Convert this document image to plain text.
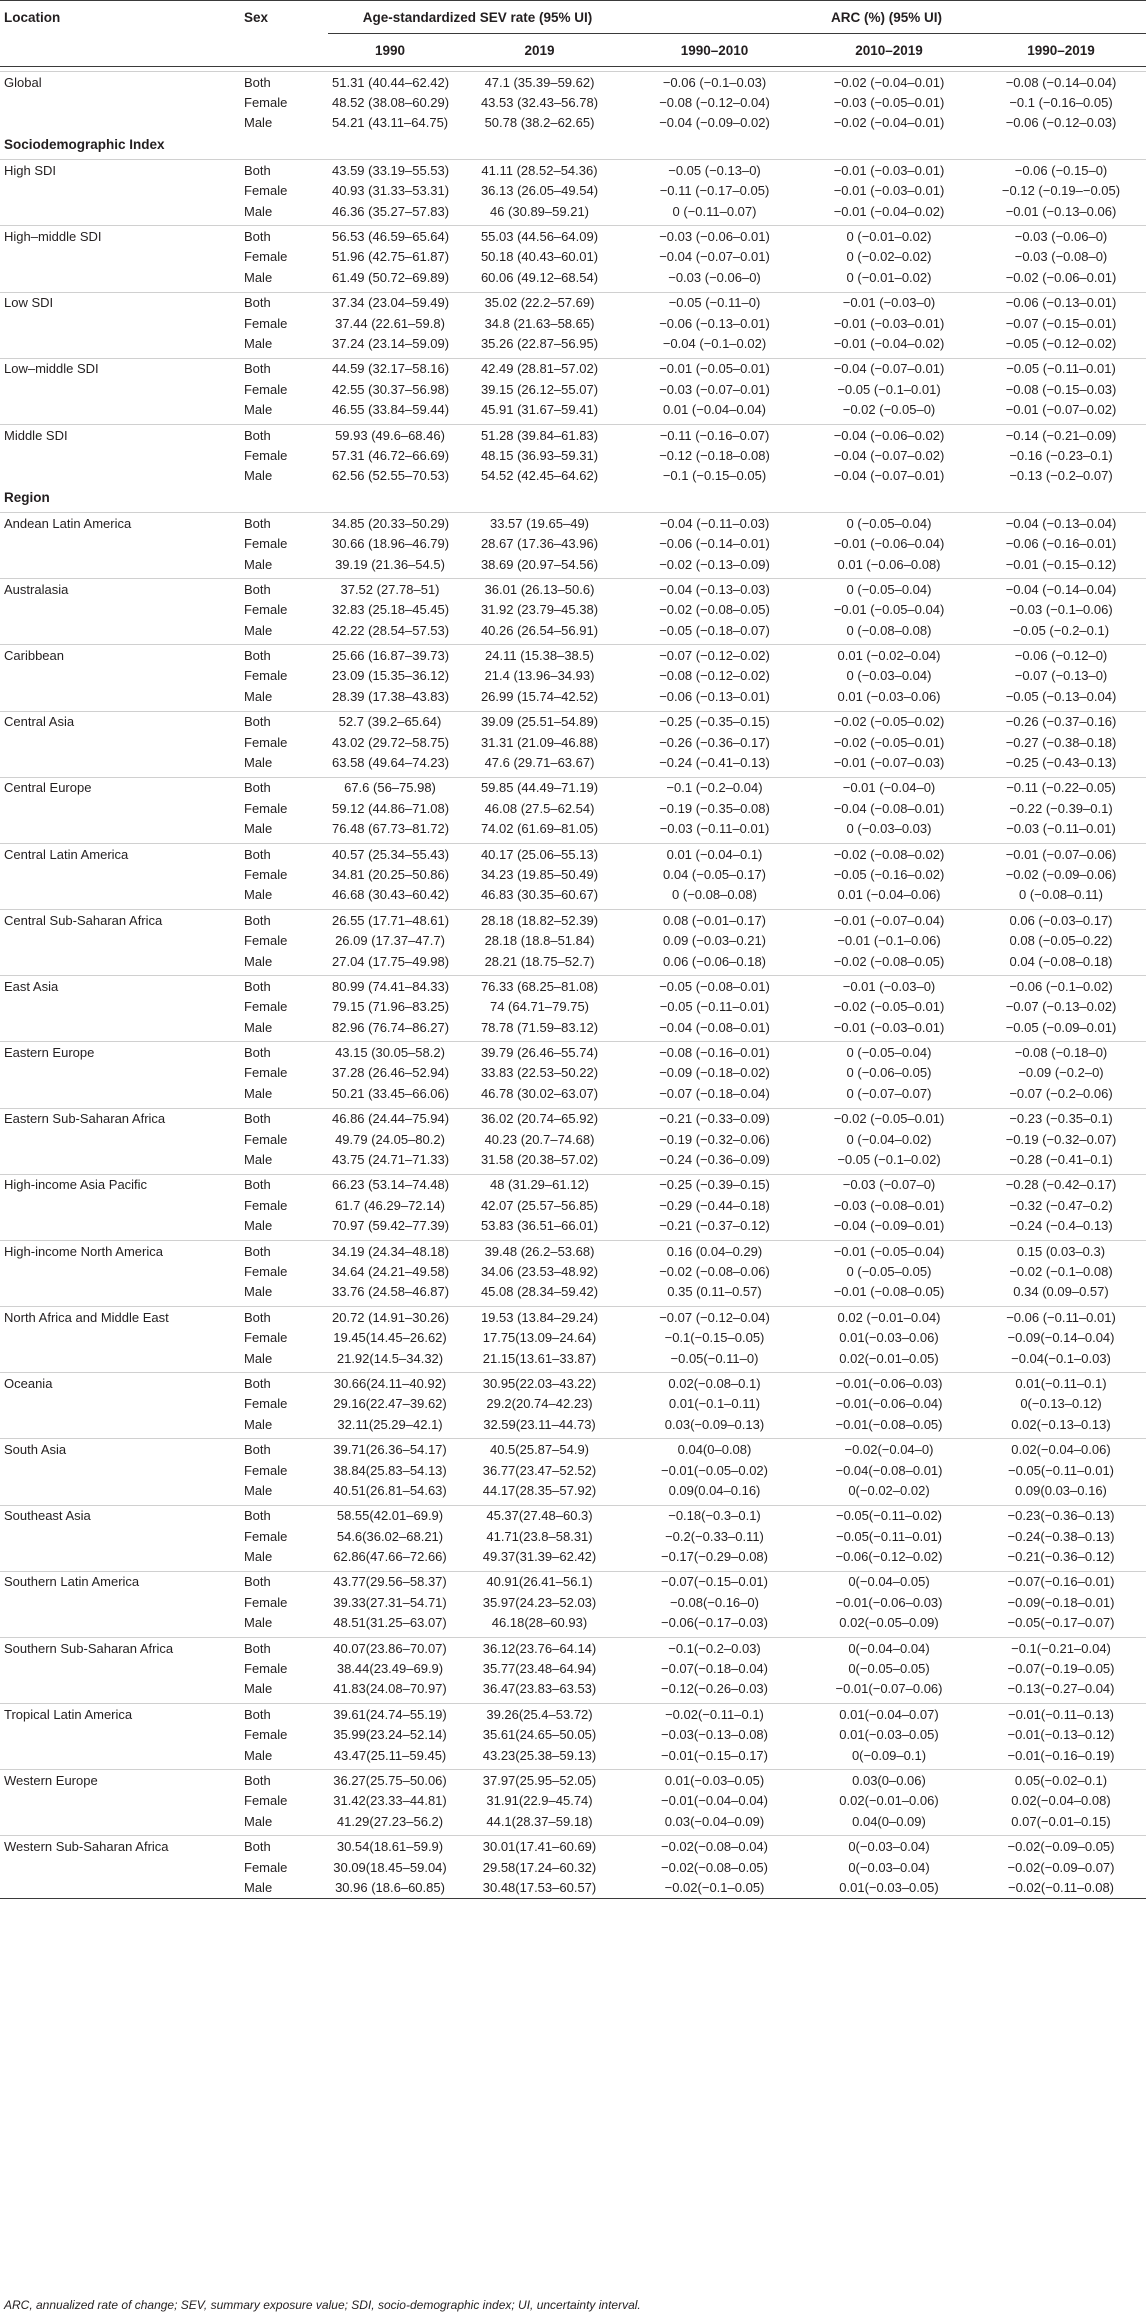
Location	Sex	Age-standardized SEV rate (95% UI)		ARC (%) (95% UI)		
		1990	2019	1990–2010	2010–2019	1990–2019

Global	Both	51.31 (40.44–62.42)	47.1 (35.39–59.62)	−0.06 (−0.1–0.03)	−0.02 (−0.04–0.01)	−0.08 (−0.14–0.04)
	Female	48.52 (38.08–60.29)	43.53 (32.43–56.78)	−0.08 (−0.12–0.04)	−0.03 (−0.05–0.01)	−0.1 (−0.16–0.05)
	Male	54.21 (43.11–64.75)	50.78 (38.2–62.65)	−0.04 (−0.09–0.02)	−0.02 (−0.04–0.01)	−0.06 (−0.12–0.03)
Sociodemographic Index						

High SDI	Both	43.59 (33.19–55.53)	41.11 (28.52–54.36)	−0.05 (−0.13–0)	−0.01 (−0.03–0.01)	−0.06 (−0.15–0)
	Female	40.93 (31.33–53.31)	36.13 (26.05–49.54)	−0.11 (−0.17–0.05)	−0.01 (−0.03–0.01)	−0.12 (−0.19–−0.05)
	Male	46.36 (35.27–57.83)	46 (30.89–59.21)	0 (−0.11–0.07)	−0.01 (−0.04–0.02)	−0.01 (−0.13–0.06)

High–middle SDI	Both	56.53 (46.59–65.64)	55.03 (44.56–64.09)	−0.03 (−0.06–0.01)	0 (−0.01–0.02)	−0.03 (−0.06–0)
	Female	51.96 (42.75–61.87)	50.18 (40.43–60.01)	−0.04 (−0.07–0.01)	0 (−0.02–0.02)	−0.03 (−0.08–0)
	Male	61.49 (50.72–69.89)	60.06 (49.12–68.54)	−0.03 (−0.06–0)	0 (−0.01–0.02)	−0.02 (−0.06–0.01)

Low SDI	Both	37.34 (23.04–59.49)	35.02 (22.2–57.69)	−0.05 (−0.11–0)	−0.01 (−0.03–0)	−0.06 (−0.13–0.01)
	Female	37.44 (22.61–59.8)	34.8 (21.63–58.65)	−0.06 (−0.13–0.01)	−0.01 (−0.03–0.01)	−0.07 (−0.15–0.01)
	Male	37.24 (23.14–59.09)	35.26 (22.87–56.95)	−0.04 (−0.1–0.02)	−0.01 (−0.04–0.02)	−0.05 (−0.12–0.02)

Low–middle SDI	Both	44.59 (32.17–58.16)	42.49 (28.81–57.02)	−0.01 (−0.05–0.01)	−0.04 (−0.07–0.01)	−0.05 (−0.11–0.01)
	Female	42.55 (30.37–56.98)	39.15 (26.12–55.07)	−0.03 (−0.07–0.01)	−0.05 (−0.1–0.01)	−0.08 (−0.15–0.03)
	Male	46.55 (33.84–59.44)	45.91 (31.67–59.41)	0.01 (−0.04–0.04)	−0.02 (−0.05–0)	−0.01 (−0.07–0.02)

Middle SDI	Both	59.93 (49.6–68.46)	51.28 (39.84–61.83)	−0.11 (−0.16–0.07)	−0.04 (−0.06–0.02)	−0.14 (−0.21–0.09)
	Female	57.31 (46.72–66.69)	48.15 (36.93–59.31)	−0.12 (−0.18–0.08)	−0.04 (−0.07–0.02)	−0.16 (−0.23–0.1)
	Male	62.56 (52.55–70.53)	54.52 (42.45–64.62)	−0.1 (−0.15–0.05)	−0.04 (−0.07–0.01)	−0.13 (−0.2–0.07)
Region						

Andean Latin America	Both	34.85 (20.33–50.29)	33.57 (19.65–49)	−0.04 (−0.11–0.03)	0 (−0.05–0.04)	−0.04 (−0.13–0.04)
	Female	30.66 (18.96–46.79)	28.67 (17.36–43.96)	−0.06 (−0.14–0.01)	−0.01 (−0.06–0.04)	−0.06 (−0.16–0.01)
	Male	39.19 (21.36–54.5)	38.69 (20.97–54.56)	−0.02 (−0.13–0.09)	0.01 (−0.06–0.08)	−0.01 (−0.15–0.12)

Australasia	Both	37.52 (27.78–51)	36.01 (26.13–50.6)	−0.04 (−0.13–0.03)	0 (−0.05–0.04)	−0.04 (−0.14–0.04)
	Female	32.83 (25.18–45.45)	31.92 (23.79–45.38)	−0.02 (−0.08–0.05)	−0.01 (−0.05–0.04)	−0.03 (−0.1–0.06)
	Male	42.22 (28.54–57.53)	40.26 (26.54–56.91)	−0.05 (−0.18–0.07)	0 (−0.08–0.08)	−0.05 (−0.2–0.1)

Caribbean	Both	25.66 (16.87–39.73)	24.11 (15.38–38.5)	−0.07 (−0.12–0.02)	0.01 (−0.02–0.04)	−0.06 (−0.12–0)
	Female	23.09 (15.35–36.12)	21.4 (13.96–34.93)	−0.08 (−0.12–0.02)	0 (−0.03–0.04)	−0.07 (−0.13–0)
	Male	28.39 (17.38–43.83)	26.99 (15.74–42.52)	−0.06 (−0.13–0.01)	0.01 (−0.03–0.06)	−0.05 (−0.13–0.04)

Central Asia	Both	52.7 (39.2–65.64)	39.09 (25.51–54.89)	−0.25 (−0.35–0.15)	−0.02 (−0.05–0.02)	−0.26 (−0.37–0.16)
	Female	43.02 (29.72–58.75)	31.31 (21.09–46.88)	−0.26 (−0.36–0.17)	−0.02 (−0.05–0.01)	−0.27 (−0.38–0.18)
	Male	63.58 (49.64–74.23)	47.6 (29.71–63.67)	−0.24 (−0.41–0.13)	−0.01 (−0.07–0.03)	−0.25 (−0.43–0.13)

Central Europe	Both	67.6 (56–75.98)	59.85 (44.49–71.19)	−0.1 (−0.2–0.04)	−0.01 (−0.04–0)	−0.11 (−0.22–0.05)
	Female	59.12 (44.86–71.08)	46.08 (27.5–62.54)	−0.19 (−0.35–0.08)	−0.04 (−0.08–0.01)	−0.22 (−0.39–0.1)
	Male	76.48 (67.73–81.72)	74.02 (61.69–81.05)	−0.03 (−0.11–0.01)	0 (−0.03–0.03)	−0.03 (−0.11–0.01)

Central Latin America	Both	40.57 (25.34–55.43)	40.17 (25.06–55.13)	0.01 (−0.04–0.1)	−0.02 (−0.08–0.02)	−0.01 (−0.07–0.06)
	Female	34.81 (20.25–50.86)	34.23 (19.85–50.49)	0.04 (−0.05–0.17)	−0.05 (−0.16–0.02)	−0.02 (−0.09–0.06)
	Male	46.68 (30.43–60.42)	46.83 (30.35–60.67)	0 (−0.08–0.08)	0.01 (−0.04–0.06)	0 (−0.08–0.11)

Central Sub-Saharan Africa	Both	26.55 (17.71–48.61)	28.18 (18.82–52.39)	0.08 (−0.01–0.17)	−0.01 (−0.07–0.04)	0.06 (−0.03–0.17)
	Female	26.09 (17.37–47.7)	28.18 (18.8–51.84)	0.09 (−0.03–0.21)	−0.01 (−0.1–0.06)	0.08 (−0.05–0.22)
	Male	27.04 (17.75–49.98)	28.21 (18.75–52.7)	0.06 (−0.06–0.18)	−0.02 (−0.08–0.05)	0.04 (−0.08–0.18)

East Asia	Both	80.99 (74.41–84.33)	76.33 (68.25–81.08)	−0.05 (−0.08–0.01)	−0.01 (−0.03–0)	−0.06 (−0.1–0.02)
	Female	79.15 (71.96–83.25)	74 (64.71–79.75)	−0.05 (−0.11–0.01)	−0.02 (−0.05–0.01)	−0.07 (−0.13–0.02)
	Male	82.96 (76.74–86.27)	78.78 (71.59–83.12)	−0.04 (−0.08–0.01)	−0.01 (−0.03–0.01)	−0.05 (−0.09–0.01)

Eastern Europe	Both	43.15 (30.05–58.2)	39.79 (26.46–55.74)	−0.08 (−0.16–0.01)	0 (−0.05–0.04)	−0.08 (−0.18–0)
	Female	37.28 (26.46–52.94)	33.83 (22.53–50.22)	−0.09 (−0.18–0.02)	0 (−0.06–0.05)	−0.09 (−0.2–0)
	Male	50.21 (33.45–66.06)	46.78 (30.02–63.07)	−0.07 (−0.18–0.04)	0 (−0.07–0.07)	−0.07 (−0.2–0.06)

Eastern Sub-Saharan Africa	Both	46.86 (24.44–75.94)	36.02 (20.74–65.92)	−0.21 (−0.33–0.09)	−0.02 (−0.05–0.01)	−0.23 (−0.35–0.1)
	Female	49.79 (24.05–80.2)	40.23 (20.7–74.68)	−0.19 (−0.32–0.06)	0 (−0.04–0.02)	−0.19 (−0.32–0.07)
	Male	43.75 (24.71–71.33)	31.58 (20.38–57.02)	−0.24 (−0.36–0.09)	−0.05 (−0.1–0.02)	−0.28 (−0.41–0.1)

High-income Asia Pacific	Both	66.23 (53.14–74.48)	48 (31.29–61.12)	−0.25 (−0.39–0.15)	−0.03 (−0.07–0)	−0.28 (−0.42–0.17)
	Female	61.7 (46.29–72.14)	42.07 (25.57–56.85)	−0.29 (−0.44–0.18)	−0.03 (−0.08–0.01)	−0.32 (−0.47–0.2)
	Male	70.97 (59.42–77.39)	53.83 (36.51–66.01)	−0.21 (−0.37–0.12)	−0.04 (−0.09–0.01)	−0.24 (−0.4–0.13)

High-income North America	Both	34.19 (24.34–48.18)	39.48 (26.2–53.68)	0.16 (0.04–0.29)	−0.01 (−0.05–0.04)	0.15 (0.03–0.3)
	Female	34.64 (24.21–49.58)	34.06 (23.53–48.92)	−0.02 (−0.08–0.06)	0 (−0.05–0.05)	−0.02 (−0.1–0.08)
	Male	33.76 (24.58–46.87)	45.08 (28.34–59.42)	0.35 (0.11–0.57)	−0.01 (−0.08–0.05)	0.34 (0.09–0.57)

North Africa and Middle East	Both	20.72 (14.91–30.26)	19.53 (13.84–29.24)	−0.07 (−0.12–0.04)	0.02 (−0.01–0.04)	−0.06 (−0.11–0.01)
	Female	19.45(14.45–26.62)	17.75(13.09–24.64)	−0.1(−0.15–0.05)	0.01(−0.03–0.06)	−0.09(−0.14–0.04)
	Male	21.92(14.5–34.32)	21.15(13.61–33.87)	−0.05(−0.11–0)	0.02(−0.01–0.05)	−0.04(−0.1–0.03)

Oceania	Both	30.66(24.11–40.92)	30.95(22.03–43.22)	0.02(−0.08–0.1)	−0.01(−0.06–0.03)	0.01(−0.11–0.1)
	Female	29.16(22.47–39.62)	29.2(20.74–42.23)	0.01(−0.1–0.11)	−0.01(−0.06–0.04)	0(−0.13–0.12)
	Male	32.11(25.29–42.1)	32.59(23.11–44.73)	0.03(−0.09–0.13)	−0.01(−0.08–0.05)	0.02(−0.13–0.13)

South Asia	Both	39.71(26.36–54.17)	40.5(25.87–54.9)	0.04(0–0.08)	−0.02(−0.04–0)	0.02(−0.04–0.06)
	Female	38.84(25.83–54.13)	36.77(23.47–52.52)	−0.01(−0.05–0.02)	−0.04(−0.08–0.01)	−0.05(−0.11–0.01)
	Male	40.51(26.81–54.63)	44.17(28.35–57.92)	0.09(0.04–0.16)	0(−0.02–0.02)	0.09(0.03–0.16)

Southeast Asia	Both	58.55(42.01–69.9)	45.37(27.48–60.3)	−0.18(−0.3–0.1)	−0.05(−0.11–0.02)	−0.23(−0.36–0.13)
	Female	54.6(36.02–68.21)	41.71(23.8–58.31)	−0.2(−0.33–0.11)	−0.05(−0.11–0.01)	−0.24(−0.38–0.13)
	Male	62.86(47.66–72.66)	49.37(31.39–62.42)	−0.17(−0.29–0.08)	−0.06(−0.12–0.02)	−0.21(−0.36–0.12)

Southern Latin America	Both	43.77(29.56–58.37)	40.91(26.41–56.1)	−0.07(−0.15–0.01)	0(−0.04–0.05)	−0.07(−0.16–0.01)
	Female	39.33(27.31–54.71)	35.97(24.23–52.03)	−0.08(−0.16–0)	−0.01(−0.06–0.03)	−0.09(−0.18–0.01)
	Male	48.51(31.25–63.07)	46.18(28–60.93)	−0.06(−0.17–0.03)	0.02(−0.05–0.09)	−0.05(−0.17–0.07)

Southern Sub-Saharan Africa	Both	40.07(23.86–70.07)	36.12(23.76–64.14)	−0.1(−0.2–0.03)	0(−0.04–0.04)	−0.1(−0.21–0.04)
	Female	38.44(23.49–69.9)	35.77(23.48–64.94)	−0.07(−0.18–0.04)	0(−0.05–0.05)	−0.07(−0.19–0.05)
	Male	41.83(24.08–70.97)	36.47(23.83–63.53)	−0.12(−0.26–0.03)	−0.01(−0.07–0.06)	−0.13(−0.27–0.04)

Tropical Latin America	Both	39.61(24.74–55.19)	39.26(25.4–53.72)	−0.02(−0.11–0.1)	0.01(−0.04–0.07)	−0.01(−0.11–0.13)
	Female	35.99(23.24–52.14)	35.61(24.65–50.05)	−0.03(−0.13–0.08)	0.01(−0.03–0.05)	−0.01(−0.13–0.12)
	Male	43.47(25.11–59.45)	43.23(25.38–59.13)	−0.01(−0.15–0.17)	0(−0.09–0.1)	−0.01(−0.16–0.19)

Western Europe	Both	36.27(25.75–50.06)	37.97(25.95–52.05)	0.01(−0.03–0.05)	0.03(0–0.06)	0.05(−0.02–0.1)
	Female	31.42(23.33–44.81)	31.91(22.9–45.74)	−0.01(−0.04–0.04)	0.02(−0.01–0.06)	0.02(−0.04–0.08)
	Male	41.29(27.23–56.2)	44.1(28.37–59.18)	0.03(−0.04–0.09)	0.04(0–0.09)	0.07(−0.01–0.15)

Western Sub-Saharan Africa	Both	30.54(18.61–59.9)	30.01(17.41–60.69)	−0.02(−0.08–0.04)	0(−0.03–0.04)	−0.02(−0.09–0.05)
	Female	30.09(18.45–59.04)	29.58(17.24–60.32)	−0.02(−0.08–0.05)	0(−0.03–0.04)	−0.02(−0.09–0.07)
	Male	30.96 (18.6–60.85)	30.48(17.53–60.57)	−0.02(−0.1–0.05)	0.01(−0.03–0.05)	−0.02(−0.11–0.08)
ARC, annualized rate of change; SEV, summary exposure value; SDI, socio-demographic index; UI, uncertainty interval.
